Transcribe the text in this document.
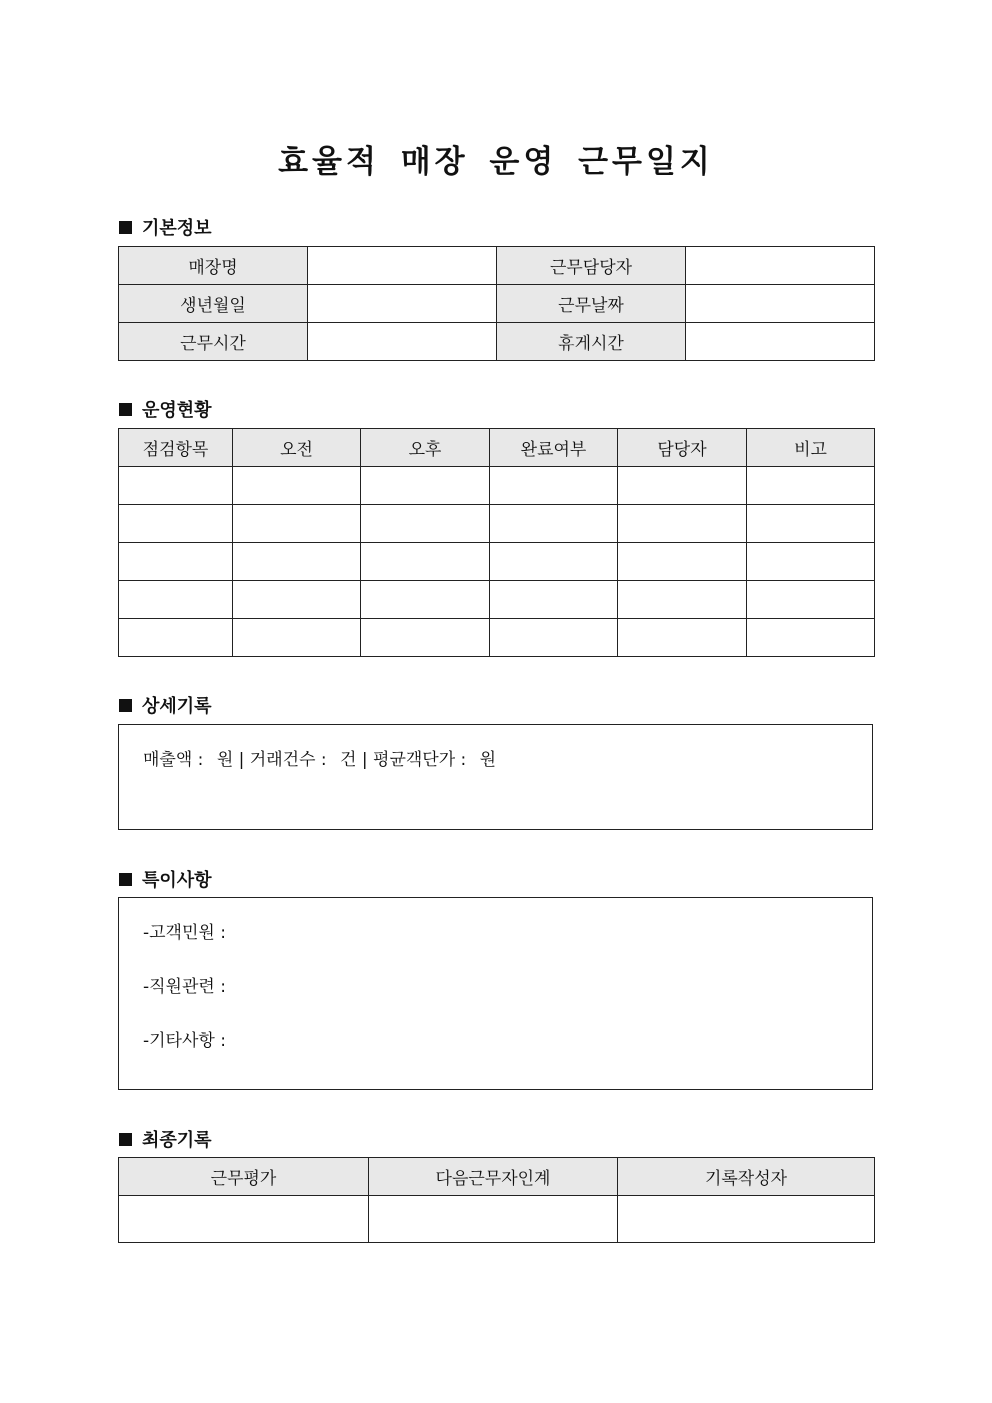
효율적 매장 운영 근무일지
기본정보
매장명		근무담당자	
생년월일		근무날짜	
근무시간		휴게시간	
운영현황
점검항목	오전	오후	완료여부	담당자	비고

상세기록
매출액 : 원 | 거래건수 : 건 | 평균객단가 : 원
특이사항
-고객민원 :
-직원관련 :
-기타사항 :
최종기록
근무평가	다음근무자인계	기록작성자
